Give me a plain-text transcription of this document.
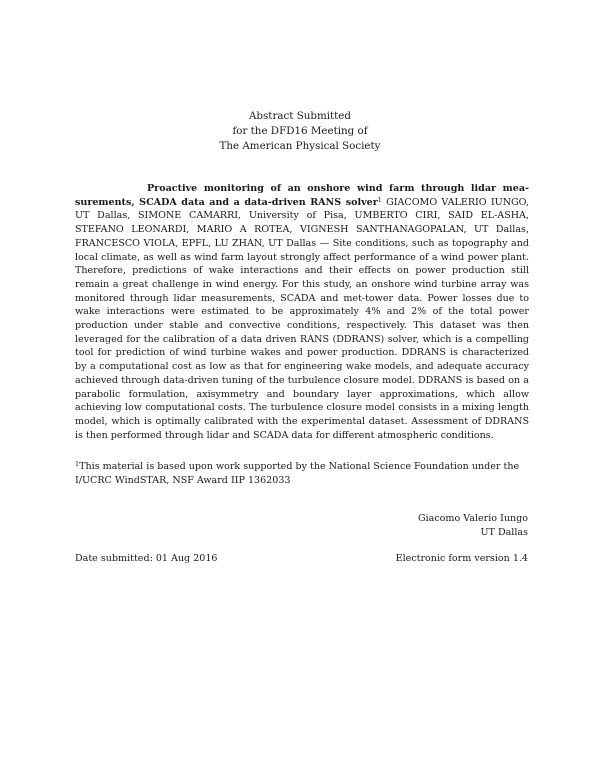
Abstract Submitted
for the DFD16 Meeting of
The American Physical Society
Proactive monitoring of an onshore wind farm through lidar measurements, SCADA data and a data-driven RANS solver$^1$ GIACOMO VALERIO IUNGO, UT Dallas, SIMONE CAMARRI, University of Pisa, UMBERTO CIRI, SAID EL-ASHA, STEFANO LEONARDI, MARIO A ROTEA, VIGNESH SANTHANAGOPALAN, UT Dallas, FRANCESCO VIOLA, EPFL, LU ZHAN, UT Dallas — Site conditions, such as topography and local climate, as well as wind farm layout strongly affect performance of a wind power plant. Therefore, predictions of wake interactions and their effects on power production still remain a great challenge in wind energy. For this study, an onshore wind turbine array was monitored through lidar measurements, SCADA and met-tower data. Power losses due to wake interactions were estimated to be approximately 4% and 2% of the total power production under stable and convective conditions, respectively. This dataset was then leveraged for the calibration of a data driven RANS (DDRANS) solver, which is a compelling tool for prediction of wind turbine wakes and power production. DDRANS is characterized by a computational cost as low as that for engineering wake models, and adequate accuracy achieved through data-driven tuning of the turbulence closure model. DDRANS is based on a parabolic formulation, axisymmetry and boundary layer approximations, which allow achieving low computational costs. The turbulence closure model consists in a mixing length model, which is optimally calibrated with the experimental dataset. Assessment of DDRANS is then performed through lidar and SCADA data for different atmospheric conditions.
$^1$This material is based upon work supported by the National Science Foundation under the I/UCRC WindSTAR, NSF Award IIP 1362033
Giacomo Valerio Iungo
UT Dallas
Date submitted: 01 Aug 2016	Electronic form version 1.4
